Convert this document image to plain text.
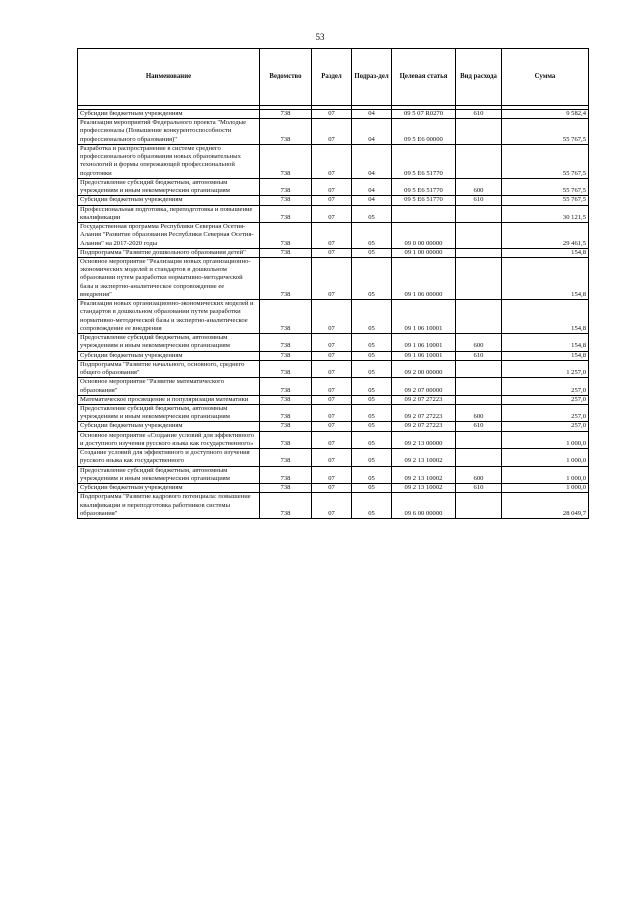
53
Наименование	Ведомство	Раздел	Подраз-дел	Целевая статья	Вид расхода	Сумма

Субсидии бюджетным учреждениям	738	07	04	09 5 07 R0270	610	9 582,4
Реализация мероприятий Федерального проекта "Молодые профессионалы (Повышение конкурентоспособности профессионального образования)"	738	07	04	09 5 E6 00000		55 767,5
Разработка и распространение в системе среднего профессионального образования новых образовательных технологий и формы опережающей профессиональной подготовки	738	07	04	09 5 E6 51770		55 767,5
Предоставление субсидий бюджетным, автономным учреждениям и иным некоммерческим организациям	738	07	04	09 5 E6 51770	600	55 767,5
Субсидии бюджетным учреждениям	738	07	04	09 5 E6 51770	610	55 767,5
Профессиональная подготовка, переподготовка и повышение квалификации	738	07	05			30 121,5
Государственная программа Республики Северная Осетия-Алания "Развитие образования Республики Северная Осетия-Алания" на 2017-2020 годы	738	07	05	09 0 00 00000		29 461,5
Подпрограмма "Развитие дошкольного образования детей"	738	07	05	09 1 00 00000		154,8
Основное мероприятие "Реализация новых организационно-экономических моделей и стандартов в дошкольном образовании путем разработки нормативно-методической базы и экспертно-аналитическое сопровождение ее внедрения"	738	07	05	09 1 06 00000		154,8
Реализация новых организационно-экономических моделей и стандартов в дошкольном образовании путем разработки нормативно-методической базы и экспертно-аналитическое сопровождение ее внедрения	738	07	05	09 1 06 10001		154,8
Предоставление субсидий бюджетным, автономным учреждениям и иным некоммерческим организациям	738	07	05	09 1 06 10001	600	154,8
Субсидии бюджетным учреждениям	738	07	05	09 1 06 10001	610	154,8
Подпрограмма "Развитие начального, основного, среднего общего образования"	738	07	05	09 2 00 00000		1 257,0
Основное мероприятие "Развитие математического образования"	738	07	05	09 2 07 00000		257,0
Математическое просвещение и популяризация математики	738	07	05	09 2 07 27223		257,0
Предоставление субсидий бюджетным, автономным учреждениям и иным некоммерческим организациям	738	07	05	09 2 07 27223	600	257,0
Субсидии бюджетным учреждениям	738	07	05	09 2 07 27223	610	257,0
Основное мероприятие «Создание условий для эффективного и доступного изучения русского языка как государственного»	738	07	05	09 2 13 00000		1 000,0
Создание условий для эффективного и доступного изучения русского языка как государственного	738	07	05	09 2 13 10002		1 000,0
Предоставление субсидий бюджетным, автономным учреждениям и иным некоммерческим организациям	738	07	05	09 2 13 10002	600	1 000,0
Субсидии бюджетным учреждениям	738	07	05	09 2 13 10002	610	1 000,0
Подпрограмма "Развитие кадрового потенциала: повышение квалификации и переподготовка работников системы образования"	738	07	05	09 6 00 00000		28 049,7
